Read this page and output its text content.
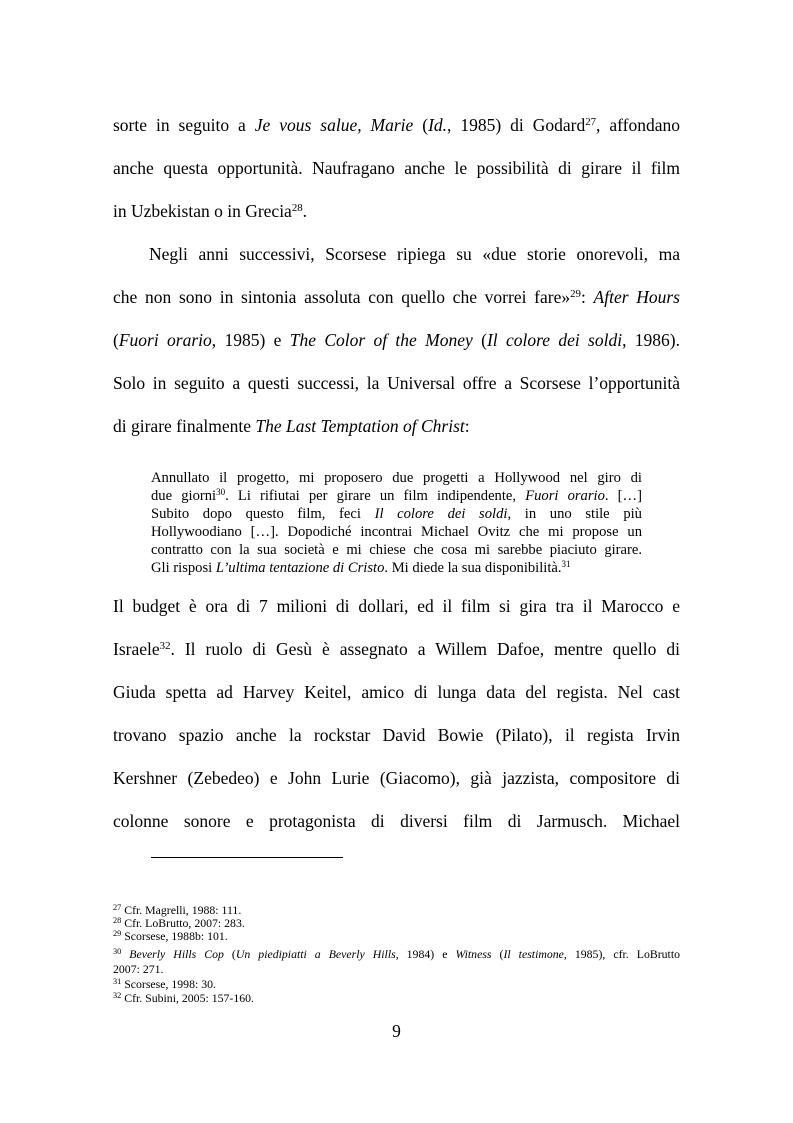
sorte in seguito a Je vous salue, Marie (Id., 1985) di Godard$^{27}$, affondano
anche questa opportunità. Naufragano anche le possibilità di girare il film
in Uzbekistan o in Grecia$^{28}$.
Negli anni successivi, Scorsese ripiega su «due storie onorevoli, ma
che non sono in sintonia assoluta con quello che vorrei fare»$^{29}$: After Hours
(Fuori orario, 1985) e The Color of the Money (Il colore dei soldi, 1986).
Solo in seguito a questi successi, la Universal offre a Scorsese l’opportunità
di girare finalmente The Last Temptation of Christ:
Annullato il progetto, mi proposero due progetti a Hollywood nel giro di
due giorni$^{30}$. Li rifiutai per girare un film indipendente, Fuori orario. […]
Subito dopo questo film, feci Il colore dei soldi, in uno stile più
Hollywoodiano […]. Dopodiché incontrai Michael Ovitz che mi propose un
contratto con la sua società e mi chiese che cosa mi sarebbe piaciuto girare.
Gli risposi L’ultima tentazione di Cristo. Mi diede la sua disponibilità.$^{31}$
Il budget è ora di 7 milioni di dollari, ed il film si gira tra il Marocco e
Israele$^{32}$. Il ruolo di Gesù è assegnato a Willem Dafoe, mentre quello di
Giuda spetta ad Harvey Keitel, amico di lunga data del regista. Nel cast
trovano spazio anche la rockstar David Bowie (Pilato), il regista Irvin
Kershner (Zebedeo) e John Lurie (Giacomo), già jazzista, compositore di
colonne sonore e protagonista di diversi film di Jarmusch. Michael
$^{27}$ Cfr. Magrelli, 1988: 111.
$^{28}$ Cfr. LoBrutto, 2007: 283.
$^{29}$ Scorsese, 1988b: 101.
$^{30}$ Beverly Hills Cop (Un piedipiatti a Beverly Hills, 1984) e Witness (Il testimone, 1985), cfr. LoBrutto
2007: 271.
$^{31}$ Scorsese, 1998: 30.
$^{32}$ Cfr. Subini, 2005: 157-160.
9
